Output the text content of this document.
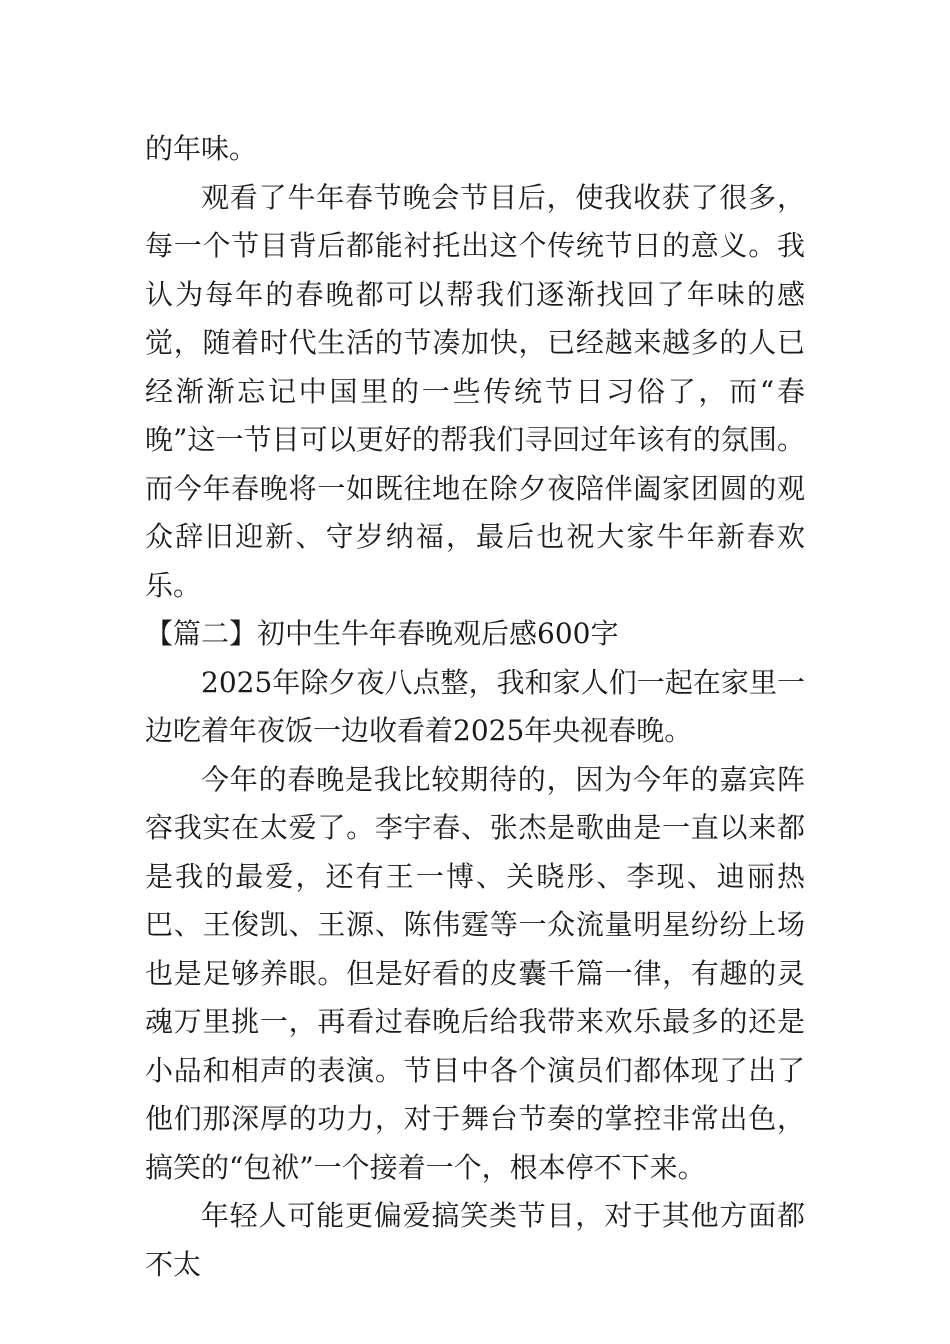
的年味。

观看了牛年春节晚会节目后，使我收获了很多，每一个节目背后都能衬托出这个传统节日的意义。我认为每年的春晚都可以帮我们逐渐找回了年味的感觉，随着时代生活的节凑加快，已经越来越多的人已经渐渐忘记中国里的一些传统节日习俗了，而“春晚”这一节目可以更好的帮我们寻回过年该有的氛围。而今年春晚将一如既往地在除夕夜陪伴阖家团圆的观众辞旧迎新、守岁纳福，最后也祝大家牛年新春欢乐。

【篇二】初中生牛年春晚观后感600字

2025年除夕夜八点整，我和家人们一起在家里一边吃着年夜饭一边收看着2025年央视春晚。

今年的春晚是我比较期待的，因为今年的嘉宾阵容我实在太爱了。李宇春、张杰是歌曲是一直以来都是我的最爱，还有王一博、关晓彤、李现、迪丽热巴、王俊凯、王源、陈伟霆等一众流量明星纷纷上场也是足够养眼。但是好看的皮囊千篇一律，有趣的灵魂万里挑一，再看过春晚后给我带来欢乐最多的还是小品和相声的表演。节目中各个演员们都体现了出了他们那深厚的功力，对于舞台节奏的掌控非常出色，搞笑的“包袱”一个接着一个，根本停不下来。

年轻人可能更偏爱搞笑类节目，对于其他方面都不太
